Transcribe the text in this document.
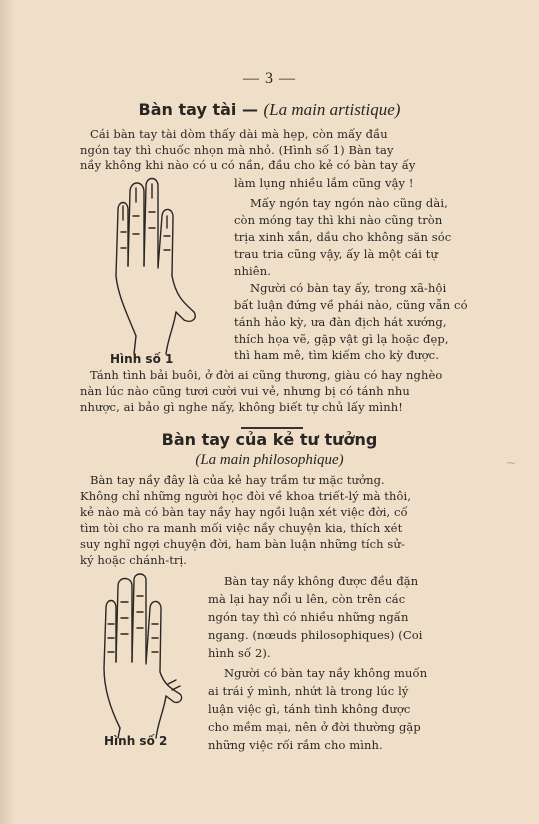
— 3 —
Bàn tay tài — (La main artistique)
Cái bàn tay tài dòm thấy dài mà hẹp, còn mấy đầu
ngón tay thì chuốc nhọn mà nhỏ. (Hình số 1) Bàn tay
nầy không khi nào có u có nần, đầu cho kẻ có bàn tay ấy
làm lụng nhiều lắm cũng vậy !
Mấy ngón tay ngón nào cũng dài,
còn móng tay thì khi nào cũng tròn
trịa xinh xắn, dầu cho không săn sóc
trau tria cũng vậy, ấy là một cái tự
nhiên.
Người có bàn tay ấy, trong xã-hội
bất luận đứng về phái nào, cũng vẫn có
tánh hảo kỳ, ưa đàn địch hát xướng,
thích họa vẽ, gặp vật gì lạ hoặc đẹp,
thì ham mê, tìm kiếm cho kỳ được.
Hình số 1
Tánh tình bải buôi, ở đời ai cũng thương, giàu có hay nghèo
nàn lúc nào cũng tươi cười vui vẻ, nhưng bị có tánh nhu
nhược, ai bảo gì nghe nấy, không biết tự chủ lấy mình!
Bàn tay của kẻ tư tưởng
(La main philosophique)	~
Bàn tay nầy đây là của kẻ hay trầm tư mặc tưởng.
Không chỉ những người học đòi về khoa triết-lý mà thôi,
kẻ nào mà có bàn tay nầy hay ngồi luận xét việc đời, cố
tìm tòi cho ra manh mối việc nầy chuyện kia, thích xét
suy nghĩ ngợi chuyện đời, ham bàn luận những tích sử-
ký hoặc chánh-trị.
Hình số 2
Bàn tay nầy không được đều đặn
mà lại hay nổi u lên, còn trên các
ngón tay thì có nhiều những ngấn
ngang. (nœuds philosophiques) (Coi
hình số 2).
Người có bàn tay nầy không muốn
ai trái ý mình, nhứt là trong lúc lý
luận việc gì, tánh tình không được
cho mềm mại, nên ở đời thường gặp
những việc rối rắm cho mình.
